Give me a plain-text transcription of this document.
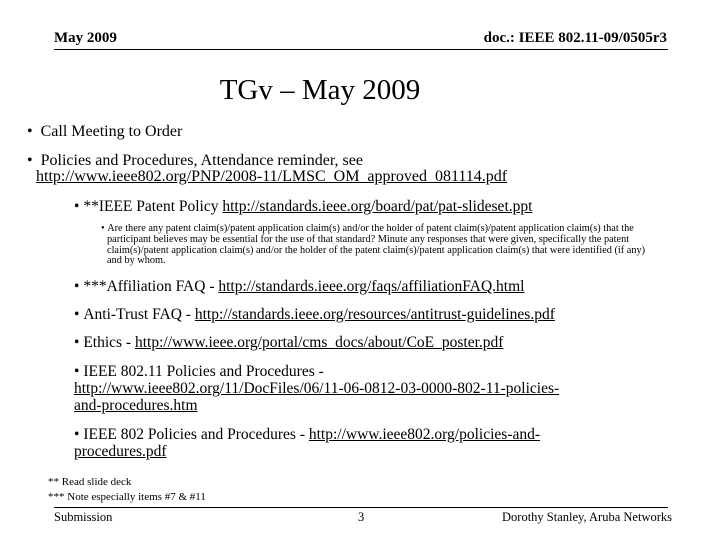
May 2009	doc.: IEEE 802.11-09/0505r3
TGv – May 2009
•  Call Meeting to Order
•  Policies and Procedures, Attendance reminder, see
http://www.ieee802.org/PNP/2008-11/LMSC_OM_approved_081114.pdf
• **IEEE Patent Policy http://standards.ieee.org/board/pat/pat-slideset.ppt
• Are there any patent claim(s)/patent application claim(s) and/or the holder of patent claim(s)/patent application claim(s) that the participant believes may be essential for the use of that standard? Minute any responses that were given, specifically the patent claim(s)/patent application claim(s) and/or the holder of the patent claim(s)/patent application claim(s) that were identified (if any) and by whom.
• ***Affiliation FAQ - http://standards.ieee.org/faqs/affiliationFAQ.html
• Anti-Trust FAQ - http://standards.ieee.org/resources/antitrust-guidelines.pdf
• Ethics - http://www.ieee.org/portal/cms_docs/about/CoE_poster.pdf
• IEEE 802.11 Policies and Procedures -
http://www.ieee802.org/11/DocFiles/06/11-06-0812-03-0000-802-11-policies-
and-procedures.htm
• IEEE 802 Policies and Procedures - http://www.ieee802.org/policies-and-
procedures.pdf
** Read slide deck
*** Note especially items #7 & #11
Submission	3	Dorothy Stanley, Aruba Networks
